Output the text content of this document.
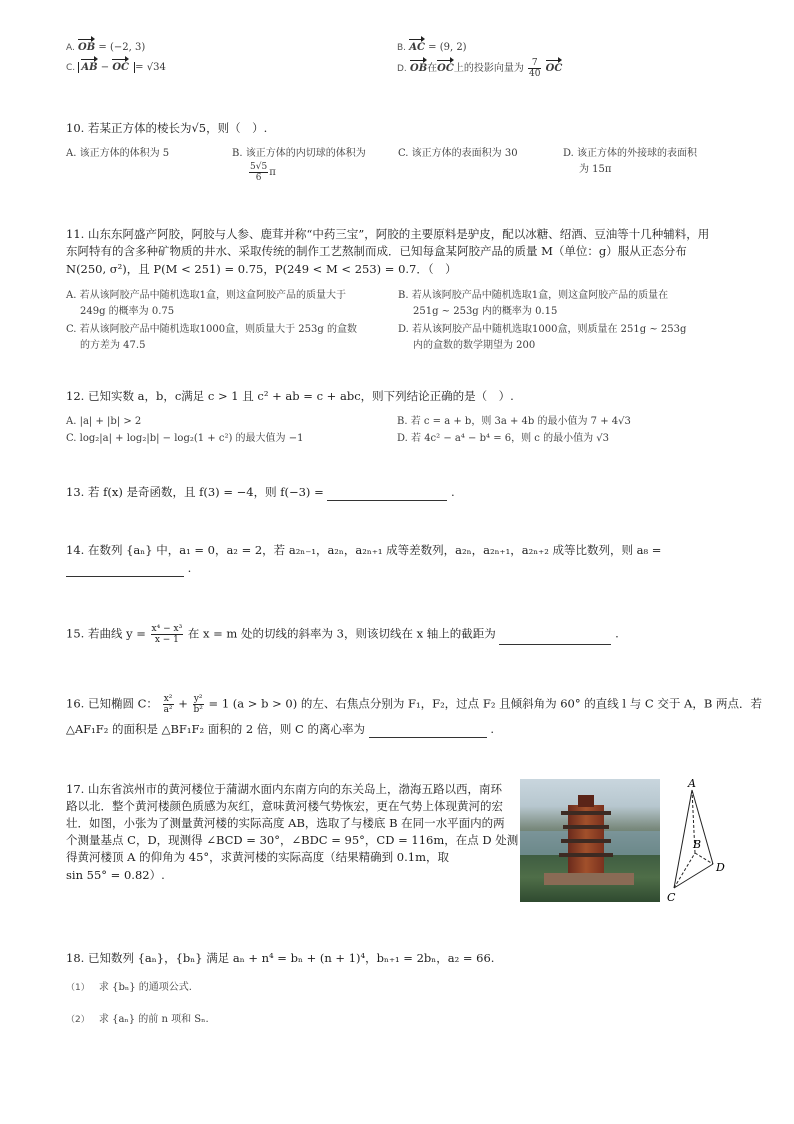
A. OB = (−2, 3)	B. AC = (9, 2)
C. AB − OC = √34	D. OB在OC上的投影向量为 $\frac{7}{40}$ OC
10. 若某正方体的棱长为√5，则（　）.
A. 该正方体的体积为 5	B. 该正方体的内切球的体积为
$\frac{5√5}{6}$ π
C. 该正方体的表面积为 30	D. 该正方体的外接球的表面积
为 15π
11. 山东东阿盛产阿胶，阿胶与人参、鹿茸并称“中药三宝”，阿胶的主要原料是驴皮，配以冰糖、绍酒、豆油等十几种辅料，用
东阿特有的含多种矿物质的井水、采取传统的制作工艺熬制而成．已知每盒某阿胶产品的质量 M（单位：g）服从正态分布
N(250, σ²)，且 P(M < 251) = 0.75，P(249 < M < 253) = 0.7．（　）
A. 若从该阿胶产品中随机选取1盒，则这盒阿胶产品的质量大于
249g 的概率为 0.75
B. 若从该阿胶产品中随机选取1盒，则这盒阿胶产品的质量在
251g ~ 253g 内的概率为 0.15
C. 若从该阿胶产品中随机选取1000盒，则质量大于 253g 的盒数
的方差为 47.5
D. 若从该阿胶产品中随机选取1000盒，则质量在 251g ~ 253g
内的盒数的数学期望为 200
12. 已知实数 a，b，c满足 c > 1 且 c² + ab = c + abc，则下列结论正确的是（　）.
A. |a| + |b| > 2	B. 若 c = a + b，则 3a + 4b 的最小值为 7 + 4√3
C. log₂|a| + log₂|b| − log₂(1 + c²) 的最大值为 −1	D. 若 4c² − a⁴ − b⁴ = 6，则 c 的最小值为 √3
13. 若 f(x) 是奇函数，且 f(3) = −4，则 f(−3) =	.
14. 在数列 {aₙ} 中，a₁ = 0，a₂ = 2，若 a₂ₙ₋₁，a₂ₙ，a₂ₙ₊₁ 成等差数列，a₂ₙ，a₂ₙ₊₁，a₂ₙ₊₂ 成等比数列，则 a₈ =
.
15. 若曲线 $y = \frac{\text{x⁴ − x³}}{x - 1}$ 在 x = m 处的切线的斜率为 3，则该切线在 x 轴上的截距为	.
16. 已知椭圆 C： $\frac{\text{x²}}{\text{a²}} + \frac{\text{y²}}{\text{b²}} = 1$ (a > b > 0) 的左、右焦点分别为 F₁，F₂，过点 F₂ 且倾斜角为 60° 的直线 l 与 C 交于 A，B 两点．若
△AF₁F₂ 的面积是 △BF₁F₂ 面积的 2 倍，则 C 的离心率为	.
17. 山东省滨州市的黄河楼位于蒲湖水面内东南方向的东关岛上，渤海五路以西，南环
路以北．整个黄河楼颜色质感为灰红，意味黄河楼气势恢宏，更在气势上体现黄河的宏
壮．如图，小张为了测量黄河楼的实际高度 AB，选取了与楼底 B 在同一水平面内的两
个测量基点 C，D，现测得 ∠BCD = 30°，∠BDC = 95°，CD = 116m，在点 D 处测
得黄河楼顶 A 的仰角为 45°，求黄河楼的实际高度（结果精确到 0.1m，取
sin 55° = 0.82）.
A
B
C
D
18. 已知数列 {aₙ}，{bₙ} 满足 aₙ + n⁴ = bₙ + (n + 1)⁴，bₙ₊₁ = 2bₙ，a₂ = 66.
（1） 求 {bₙ} 的通项公式.
（2） 求 {aₙ} 的前 n 项和 Sₙ.
